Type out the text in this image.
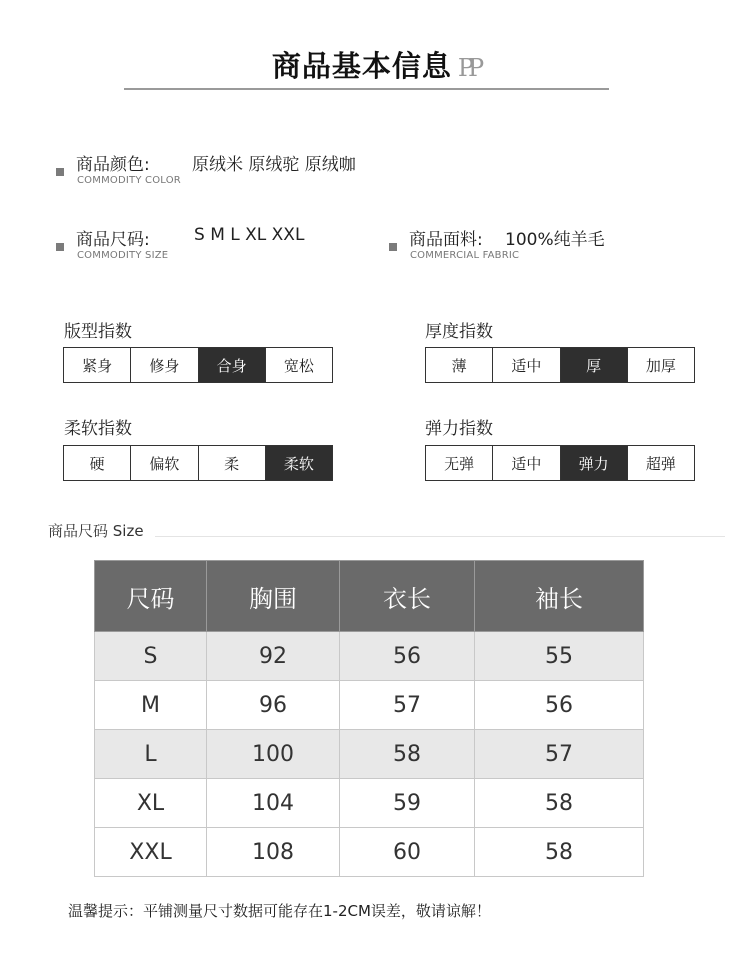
商品基本信息 PP
商品颜色:
COMMODITY COLOR
原绒米 原绒驼 原绒咖
商品尺码:
COMMODITY SIZE
S M L XL XXL	商品面料:
COMMERCIAL FABRIC
100%纯羊毛
版型指数
紧身	修身	合身	宽松
厚度指数
薄	适中	厚	加厚
柔软指数
硬	偏软	柔	柔软
弹力指数
无弹	适中	弹力	超弹
商品尺码 Size
尺码	胸围	衣长	袖长
S	92	56	55
M	96	57	56
L	100	58	57
XL	104	59	58
XXL	108	60	58
温馨提示：平铺测量尺寸数据可能存在1-2CM误差，敬请谅解！
